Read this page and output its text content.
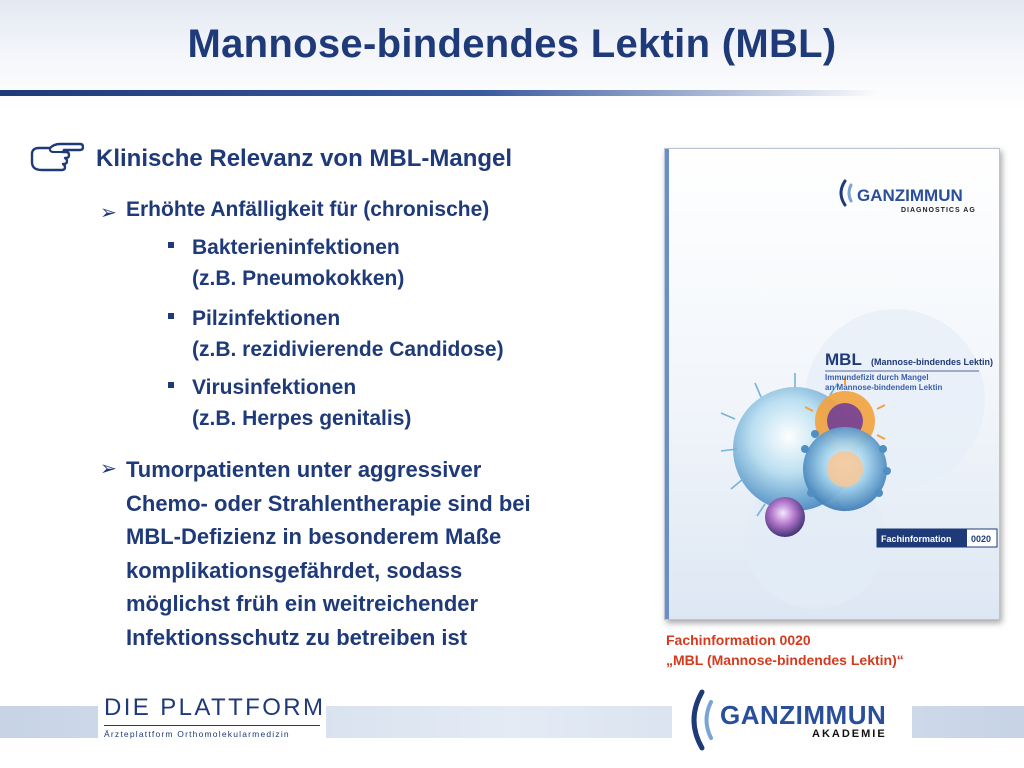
Mannose-bindendes Lektin (MBL)
Klinische Relevanz von MBL-Mangel
➢ Erhöhte Anfälligkeit für (chronische)
Bakterieninfektionen
(z.B. Pneumokokken)
Pilzinfektionen
(z.B. rezidivierende Candidose)
Virusinfektionen
(z.B. Herpes genitalis)
➢ Tumorpatienten unter aggressiver
Chemo- oder Strahlentherapie sind bei
MBL-Defizienz in besonderem Maße
komplikationsgefährdet, sodass
möglichst früh ein weitreichender
Infektionsschutz zu betreiben ist
GANZIMMUN
DIAGNOSTICS AG
MBL (Mannose-bindendes Lektin)
Immundefizit durch Mangel
an Mannose-bindendem Lektin
Fachinformation 0020
Fachinformation 0020
„MBL (Mannose-bindendes Lektin)“
DIE PLATTFORM
Ärzteplattform Orthomolekularmedizin
GANZIMMUN
AKADEMIE
